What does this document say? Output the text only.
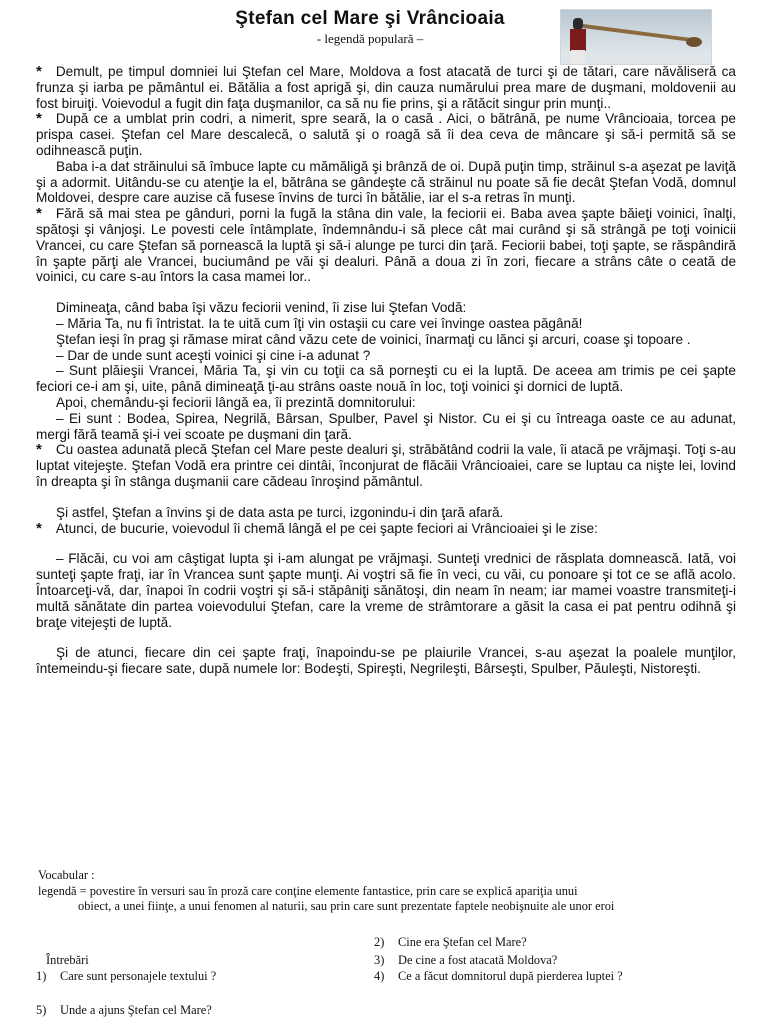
Ştefan cel Mare şi Vrâncioaia
- legendă populară –

* Demult, pe timpul domniei lui Ştefan cel Mare, Moldova a fost atacată de turci şi de tătari, care năvăliseră ca frunza şi iarba pe pământul ei. Bătălia a fost aprigă şi, din cauza numărului prea mare de duşmani, moldovenii au fost biruiţi. Voievodul a fugit din faţa duşmanilor, ca să nu fie prins, şi a rătăcit singur prin munţi..

* După ce a umblat prin codri, a nimerit, spre seară, la o casă . Aici, o bătrână, pe nume Vrâncioaia, torcea pe prispa casei. Ştefan cel Mare descalecă, o salută şi o roagă să îi dea ceva de mâncare şi să-i permită să se odihnească puţin.

Baba i-a dat străinului să îmbuce lapte cu mămăligă şi brânză de oi. După puţin timp, străinul s-a aşezat pe laviţă şi a adormit. Uitându-se cu atenţie la el, bătrâna se gândeşte că străinul nu poate să fie decât Ştefan Vodă, domnul Moldovei, despre care auzise că fusese învins de turci în bătălie, iar el s-a retras în munţi.

* Fără să mai stea pe gânduri, porni la fugă la stâna din vale, la feciorii ei. Baba avea şapte băieţi voinici, înalţi, spătoşi şi vânjoşi. Le povesti cele întâmplate, îndemnându-i să plece cât mai curând şi să strângă pe toţi voinicii Vrancei, cu care Ştefan să pornească la luptă şi să-i alunge pe turci din ţară. Feciorii babei, toţi şapte, se răspândiră în şapte părţi ale Vrancei, buciumând pe văi şi dealuri. Până a doua zi în zori, fiecare a strâns câte o ceată de voinici, cu care s-au întors la casa mamei lor..

Dimineaţa, când baba îşi văzu feciorii venind, îi zise lui Ştefan Vodă:

– Măria Ta, nu fi întristat. Ia te uită cum îţi vin ostaşii cu care vei învinge oastea păgână!

Ştefan ieşi în prag şi rămase mirat când văzu cete de voinici, înarmaţi cu lănci şi arcuri, coase şi topoare .

– Dar de unde sunt aceşti voinici şi cine i-a adunat ?

– Sunt plăieşii Vrancei, Măria Ta, şi vin cu toţii ca să porneşti cu ei la luptă. De aceea am trimis pe cei şapte feciori ce-i am şi, uite, până dimineaţă ţi-au strâns oaste nouă în loc, toţi voinici şi dornici de luptă.

Apoi, chemându-şi feciorii lângă ea, îi prezintă domnitorului:

– Ei sunt : Bodea, Spirea, Negrilă, Bârsan, Spulber, Pavel şi Nistor. Cu ei şi cu întreaga oaste ce au adunat, mergi fără teamă şi-i vei scoate pe duşmani din ţară.

* Cu oastea adunată plecă Ştefan cel Mare peste dealuri şi, străbătând codrii la vale, îi atacă pe vrăjmaşi. Toţi s-au luptat vitejeşte. Ştefan Vodă era printre cei dintâi, înconjurat de flăcăii Vrâncioaiei, care se luptau ca nişte lei, lovind în dreapta şi în stânga duşmanii care cădeau înroşind pământul.

Şi astfel, Ştefan a învins şi de data asta pe turci, izgonindu-i din ţară afară.

* Atunci, de bucurie, voievodul îi chemă lângă el pe cei şapte feciori ai Vrâncioaiei şi le zise:

– Flăcăi, cu voi am câştigat lupta şi i-am alungat pe vrăjmaşi. Sunteţi vrednici de răsplata domnească. Iată, voi sunteţi şapte fraţi, iar în Vrancea sunt şapte munţi. Ai voştri să fie în veci, cu văi, cu ponoare şi tot ce se află acolo. Întoarceţi-vă, dar, înapoi în codrii voştri şi să-i stăpâniţi sănătoşi, din neam în neam; iar mamei voastre transmiteţi-i multă sănătate din partea voievodului Ştefan, care la vreme de strâmtorare a găsit la casa ei pat pentru odihnă şi braţe vitejeşti de luptă.

Şi de atunci, fiecare din cei şapte fraţi, înapoindu-se pe plaiurile Vrancei, s-au aşezat la poalele munţilor, întemeindu-şi fiecare sate, după numele lor: Bodeşti, Spireşti, Negrileşti, Bârseşti, Spulber, Păuleşti, Nistoreşti.

Vocabular :
legendă = povestire în versuri sau în proză care conţine elemente fantastice, prin care se explică apariţia unui
obiect, a unei fiinţe, a unui fenomen al naturii, sau prin care sunt prezentate faptele neobişnuite ale unor eroi
2) Cine era Ştefan cel Mare?
Întrebări	3) De cine a fost atacată Moldova?
1) Care sunt personajele textului ?	4) Ce a făcut domnitorul după pierderea luptei ?
5) Unde a ajuns Ştefan cel Mare?
